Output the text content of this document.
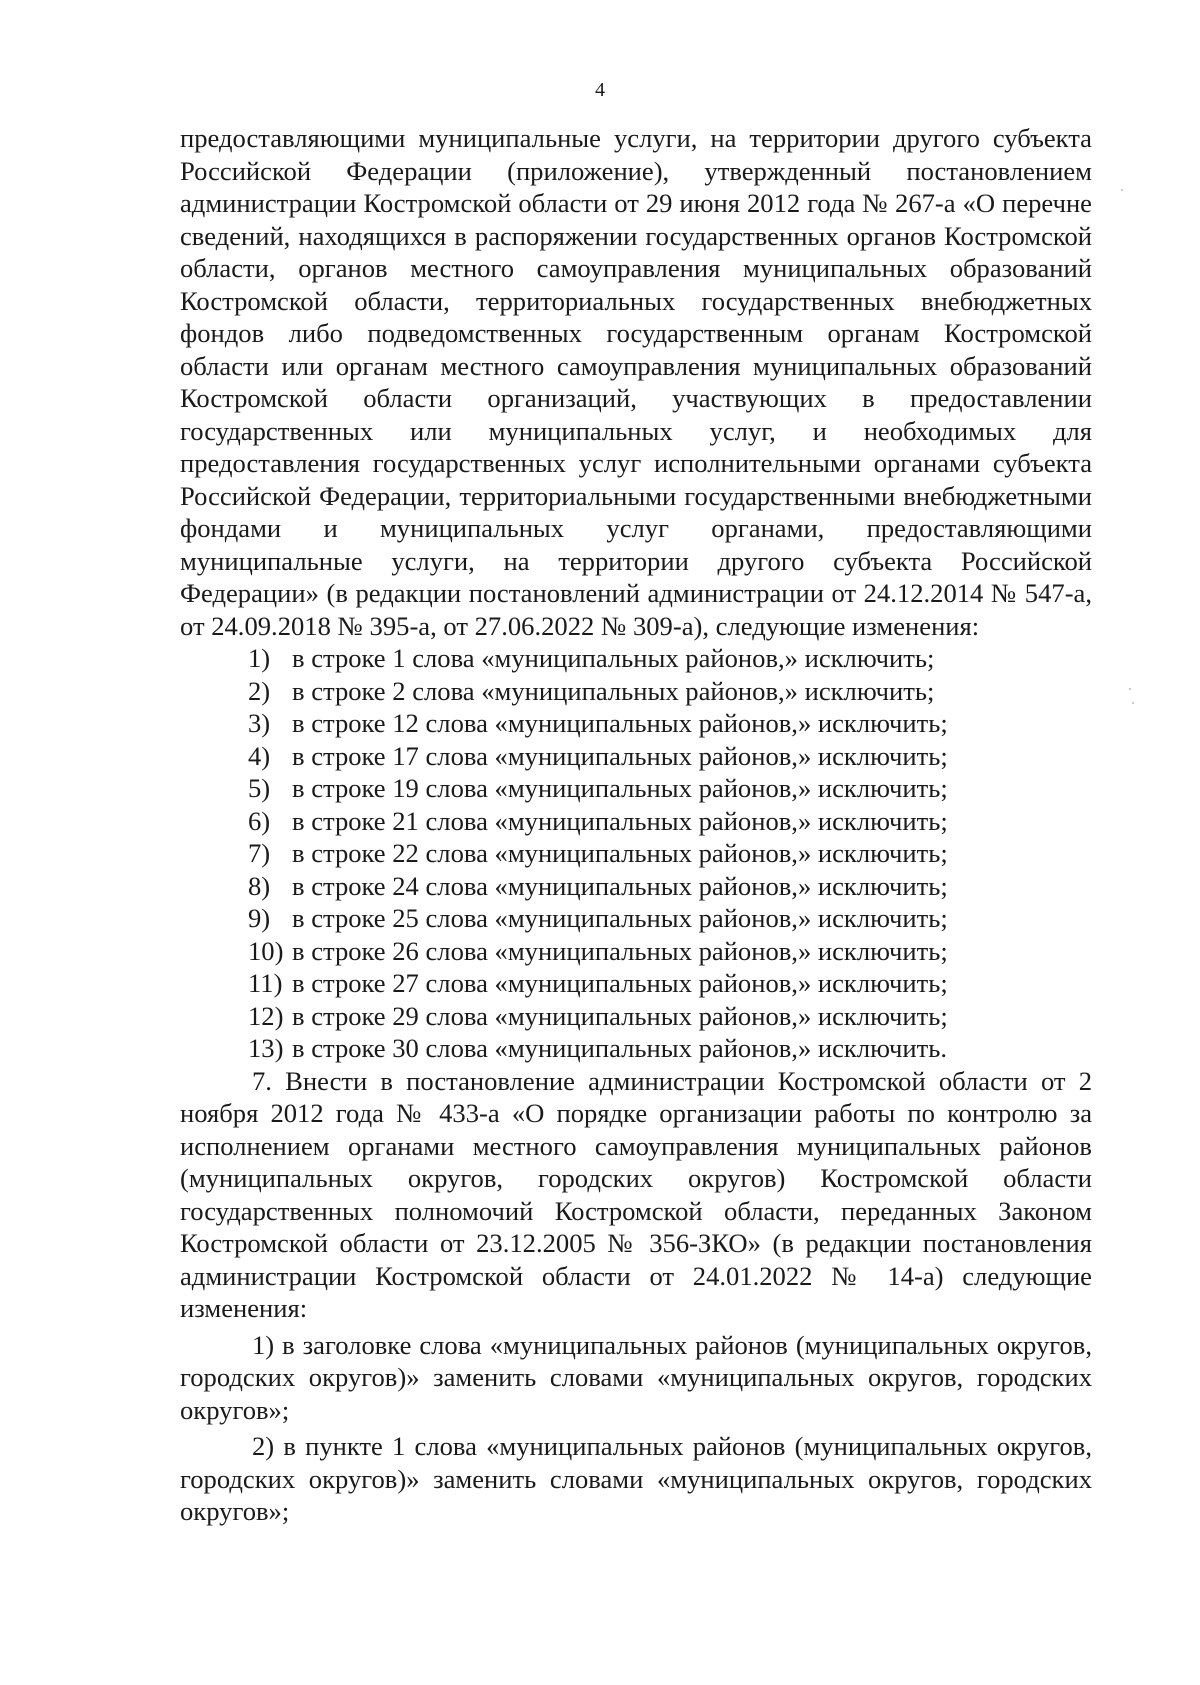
4

предоставляющими муниципальные услуги, на территории другого субъекта Российской Федерации (приложение), утвержденный постановлением администрации Костромской области от 29 июня 2012 года № 267-а «О перечне сведений, находящихся в распоряжении государственных органов Костромской области, органов местного самоуправления муниципальных образований Костромской области, территориальных государственных внебюджетных фондов либо подведомственных государственным органам Костромской области или органам местного самоуправления муниципальных образований Костромской области организаций, участвующих в предоставлении государственных или муниципальных услуг, и необходимых для предоставления государственных услуг исполнительными органами субъекта Российской Федерации, территориальными государственными внебюджетными фондами и муниципальных услуг органами, предоставляющими муниципальные услуги, на территории другого субъекта Российской Федерации» (в редакции постановлений администрации от 24.12.2014 № 547-а, от 24.09.2018 № 395-а, от 27.06.2022 № 309-а), следующие изменения:

1) в строке 1 слова «муниципальных районов,» исключить;
2) в строке 2 слова «муниципальных районов,» исключить;
3) в строке 12 слова «муниципальных районов,» исключить;
4) в строке 17 слова «муниципальных районов,» исключить;
5) в строке 19 слова «муниципальных районов,» исключить;
6) в строке 21 слова «муниципальных районов,» исключить;
7) в строке 22 слова «муниципальных районов,» исключить;
8) в строке 24 слова «муниципальных районов,» исключить;
9) в строке 25 слова «муниципальных районов,» исключить;
10) в строке 26 слова «муниципальных районов,» исключить;
11) в строке 27 слова «муниципальных районов,» исключить;
12) в строке 29 слова «муниципальных районов,» исключить;
13) в строке 30 слова «муниципальных районов,» исключить.

7. Внести в постановление администрации Костромской области от 2 ноября 2012 года № 433-а «О порядке организации работы по контролю за исполнением органами местного самоуправления муниципальных районов (муниципальных округов, городских округов) Костромской области государственных полномочий Костромской области, переданных Законом Костромской области от 23.12.2005 № 356-ЗКО» (в редакции постановления администрации Костромской области от 24.01.2022 № 14-а) следующие изменения:

1) в заголовке слова «муниципальных районов (муниципальных округов, городских округов)» заменить словами «муниципальных округов, городских округов»;

2) в пункте 1 слова «муниципальных районов (муниципальных округов, городских округов)» заменить словами «муниципальных округов, городских округов»;
